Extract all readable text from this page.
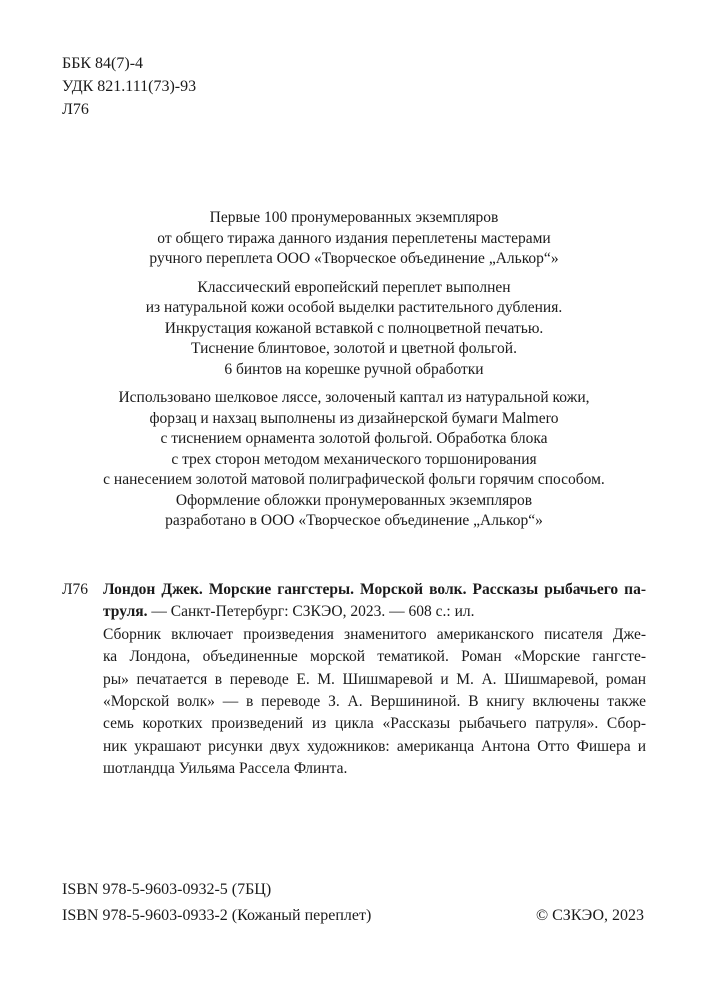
ББК 84(7)-4
УДК 821.111(73)-93
Л76

Первые 100 пронумерованных экземпляров
от общего тиража данного издания переплетены мастерами
ручного переплета ООО «Творческое объединение „Алькор“»

Классический европейский переплет выполнен
из натуральной кожи особой выделки растительного дубления.
Инкрустация кожаной вставкой с полноцветной печатью.
Тиснение блинтовое, золотой и цветной фольгой.
6 бинтов на корешке ручной обработки

Использовано шелковое ляссе, золоченый каптал из натуральной кожи,
форзац и нахзац выполнены из дизайнерской бумаги Malmero
с тиснением орнамента золотой фольгой. Обработка блока
с трех сторон методом механического торшонирования
с нанесением золотой матовой полиграфической фольги горячим способом.
Оформление обложки пронумерованных экземпляров
разработано в ООО «Творческое объединение „Алькор“»

Л76 Лондон Джек. Морские гангстеры. Морской волк. Рассказы рыбачьего па-
труля. — Санкт-Петербург: СЗКЭО, 2023. — 608 с.: ил.
Сборник включает произведения знаменитого американского писателя Дже-
ка Лондона, объединенные морской тематикой. Роман «Морские гангсте-
ры» печатается в переводе Е. М. Шишмаревой и М. А. Шишмаревой, роман
«Морской волк» — в переводе З. А. Вершининой. В книгу включены также
семь коротких произведений из цикла «Рассказы рыбачьего патруля». Сбор-
ник украшают рисунки двух художников: американца Антона Отто Фишера и
шотландца Уильяма Рассела Флинта.
ISBN 978-5-9603-0932-5 (7БЦ)
ISBN 978-5-9603-0933-2 (Кожаный переплет)	© СЗКЭО, 2023
